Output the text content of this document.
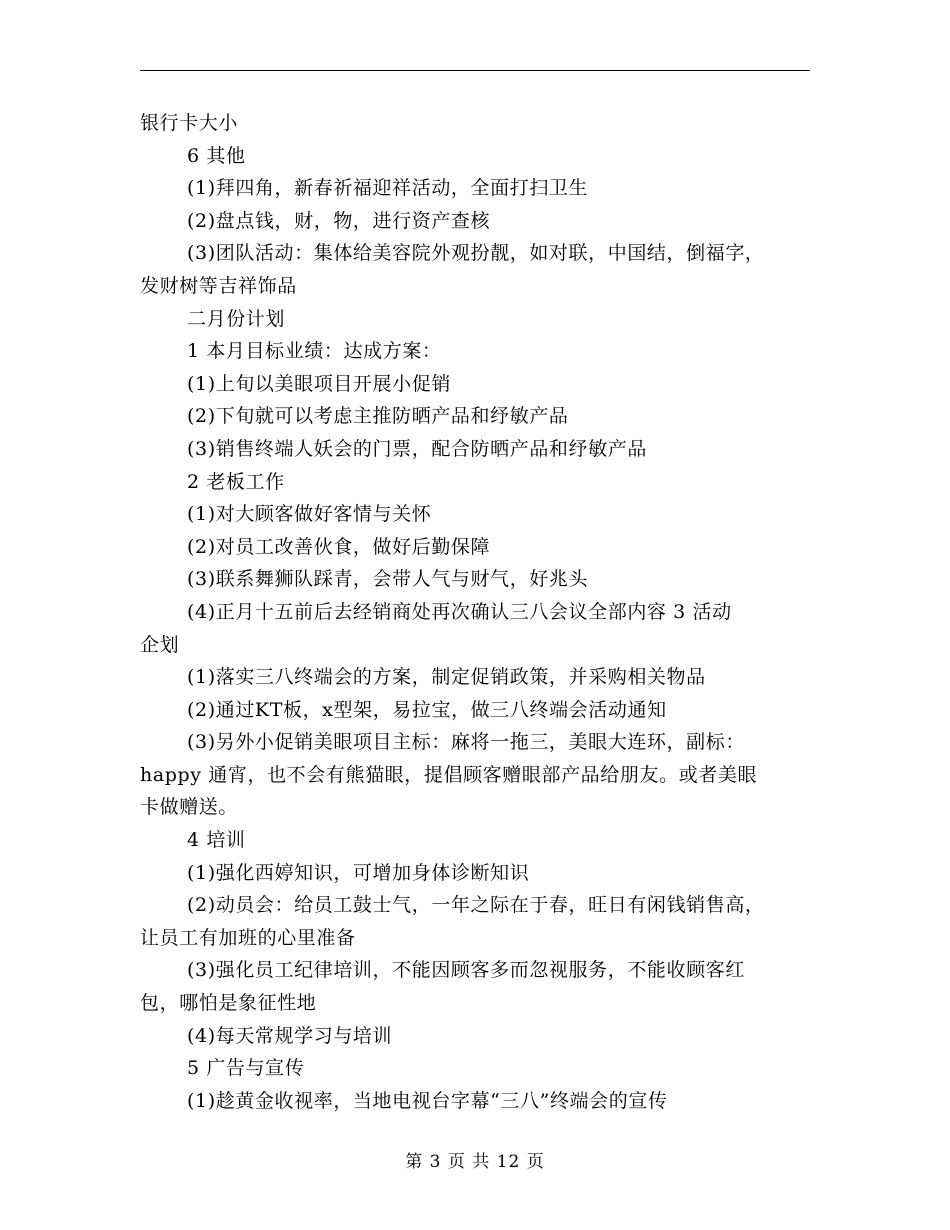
银行卡大小

6 其他

(1)拜四角，新春祈福迎祥活动，全面打扫卫生

(2)盘点钱，财，物，进行资产查核

(3)团队活动：集体给美容院外观扮靓，如对联，中国结，倒福字，

发财树等吉祥饰品

二月份计划

1 本月目标业绩：达成方案：

(1)上旬以美眼项目开展小促销

(2)下旬就可以考虑主推防晒产品和纾敏产品

(3)销售终端人妖会的门票，配合防晒产品和纾敏产品

2 老板工作

(1)对大顾客做好客情与关怀

(2)对员工改善伙食，做好后勤保障

(3)联系舞狮队踩青，会带人气与财气，好兆头

(4)正月十五前后去经销商处再次确认三八会议全部内容 3 活动

企划

(1)落实三八终端会的方案，制定促销政策，并采购相关物品

(2)通过KT板，x型架，易拉宝，做三八终端会活动通知

(3)另外小促销美眼项目主标：麻将一拖三，美眼大连环，副标：

happy 通宵，也不会有熊猫眼，提倡顾客赠眼部产品给朋友。或者美眼

卡做赠送。

4 培训

(1)强化西婷知识，可增加身体诊断知识

(2)动员会：给员工鼓士气，一年之际在于春，旺日有闲钱销售高，

让员工有加班的心里准备

(3)强化员工纪律培训，不能因顾客多而忽视服务，不能收顾客红

包，哪怕是象征性地

(4)每天常规学习与培训

5 广告与宣传

(1)趁黄金收视率，当地电视台字幕“三八”终端会的宣传

第 3 页 共 12 页
